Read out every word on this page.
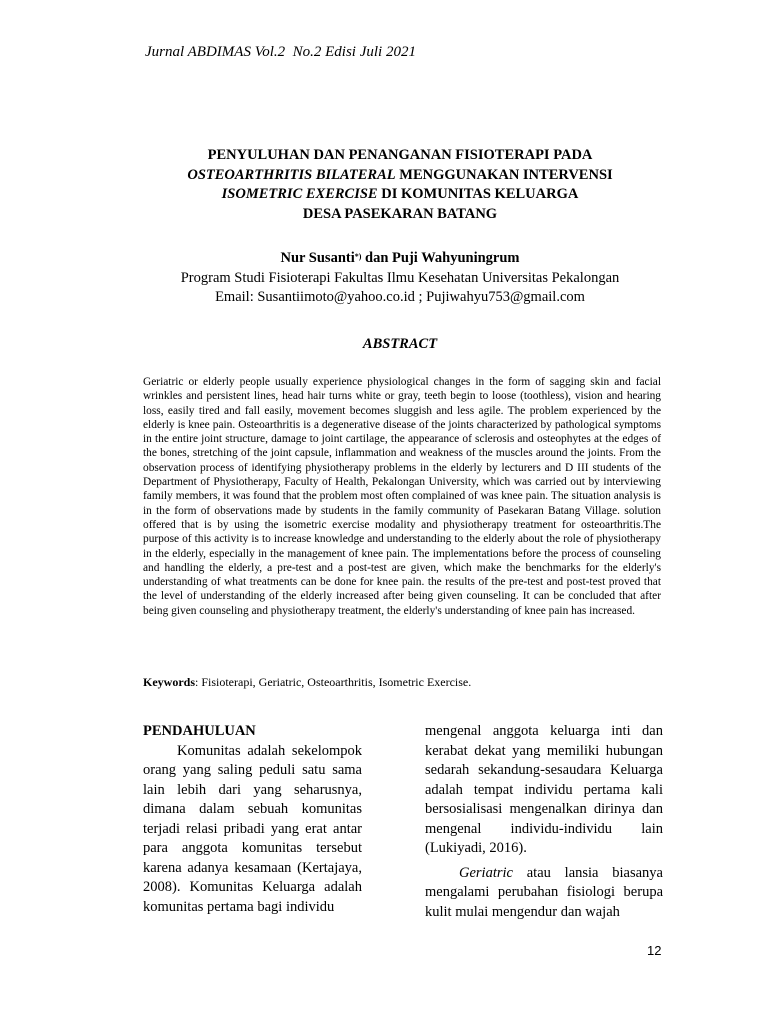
Jurnal ABDIMAS Vol.2  No.2 Edisi Juli 2021
PENYULUHAN DAN PENANGANAN FISIOTERAPI PADA
OSTEOARTHRITIS BILATERAL MENGGUNAKAN INTERVENSI
ISOMETRIC EXERCISE DI KOMUNITAS KELUARGA
DESA PASEKARAN BATANG
Nur Susanti*) dan Puji Wahyuningrum
Program Studi Fisioterapi Fakultas Ilmu Kesehatan Universitas Pekalongan
Email: Susantiimoto@yahoo.co.id ; Pujiwahyu753@gmail.com
ABSTRACT

Geriatric or elderly people usually experience physiological changes in the form of sagging skin and facial wrinkles and persistent lines, head hair turns white or gray, teeth begin to loose (toothless), vision and hearing loss, easily tired and fall easily, movement becomes sluggish and less agile. The problem experienced by the elderly is knee pain. Osteoarthritis is a degenerative disease of the joints characterized by pathological symptoms in the entire joint structure, damage to joint cartilage, the appearance of sclerosis and osteophytes at the edges of the bones, stretching of the joint capsule, inflammation and weakness of the muscles around the joints. From the observation process of identifying physiotherapy problems in the elderly by lecturers and D III students of the Department of Physiotherapy, Faculty of Health, Pekalongan University, which was carried out by interviewing family members, it was found that the problem most often complained of was knee pain. The situation analysis is in the form of observations made by students in the family community of Pasekaran Batang Village. solution offered that is by using the isometric exercise modality and physiotherapy treatment for osteoarthritis.The purpose of this activity is to increase knowledge and understanding to the elderly about the role of physiotherapy in the elderly, especially in the management of knee pain. The implementations before the process of counseling and handling the elderly, a pre-test and a post-test are given, which make the benchmarks for the elderly's understanding of what treatments can be done for knee pain. the results of the pre-test and post-test proved that the level of understanding of the elderly increased after being given counseling. It can be concluded that after being given counseling and physiotherapy treatment, the elderly's understanding of knee pain has increased.

Keywords: Fisioterapi, Geriatric, Osteoarthritis, Isometric Exercise.

PENDAHULUAN

Komunitas adalah sekelompok orang yang saling peduli satu sama lain lebih dari yang seharusnya, dimana dalam sebuah komunitas terjadi relasi pribadi yang erat antar para anggota komunitas tersebut karena adanya kesamaan (Kertajaya, 2008). Komunitas Keluarga adalah komunitas pertama bagi individu

mengenal anggota keluarga inti dan kerabat dekat yang memiliki hubungan sedarah sekandung-sesaudara Keluarga adalah tempat individu pertama kali bersosialisasi mengenalkan dirinya dan mengenal individu-individu lain (Lukiyadi, 2016).

Geriatric atau lansia biasanya mengalami perubahan fisiologi berupa kulit mulai mengendur dan wajah

12
